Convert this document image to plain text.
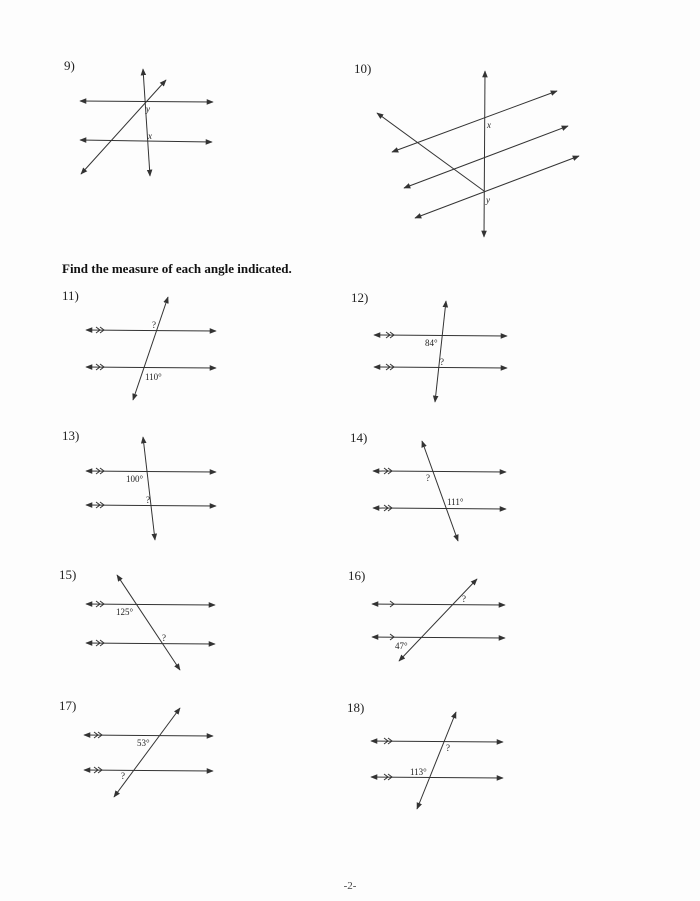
9)	10)
Find the measure of each angle indicated.
11)	12)
13)	14)
15)	16)
17)	18)
y
x
x
y
?
110°
84°
?
100°
?
?
111°
125°
?
?
47°
53°
?
?
113°
-2-
